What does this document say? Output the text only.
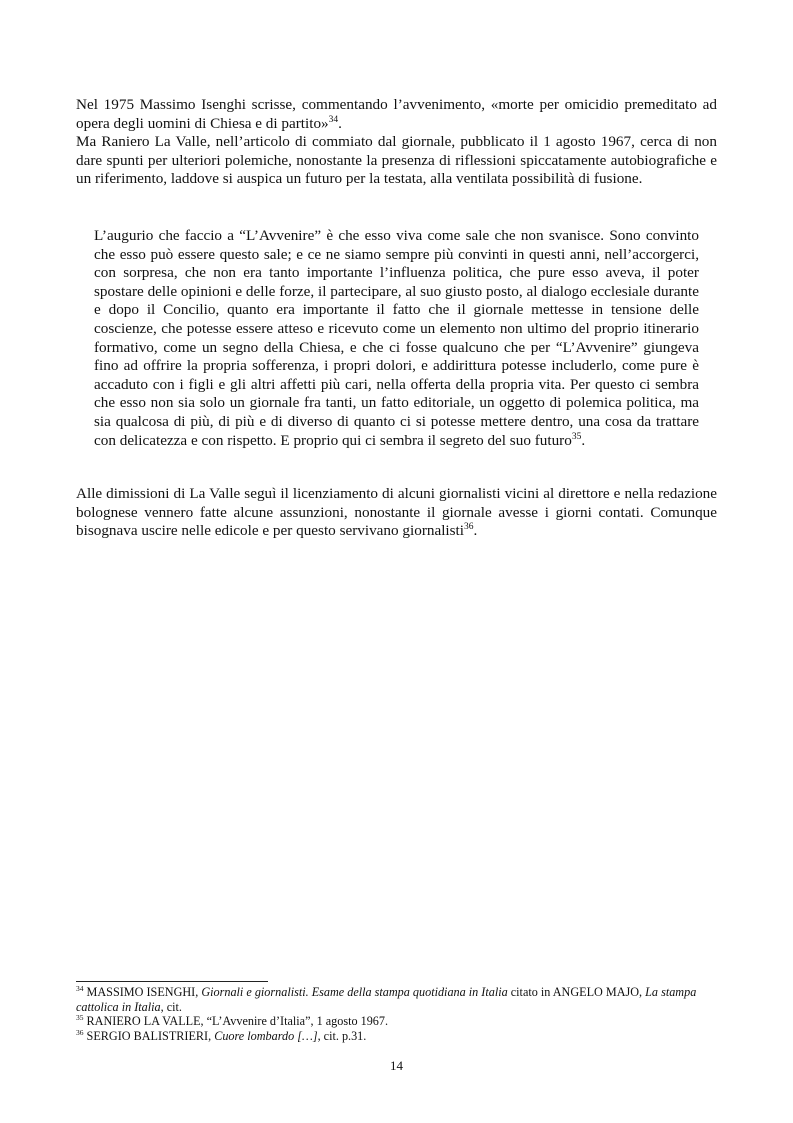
Nel 1975 Massimo Isenghi scrisse, commentando l’avvenimento, «morte per omicidio premeditato ad opera degli uomini di Chiesa e di partito»$^{34}$.

Ma Raniero La Valle, nell’articolo di commiato dal giornale, pubblicato il 1 agosto 1967, cerca di non dare spunti per ulteriori polemiche, nonostante la presenza di riflessioni spiccatamente autobiografiche e un riferimento, laddove si auspica un futuro per la testata, alla ventilata possibilità di fusione.

L’augurio che faccio a “L’Avvenire” è che esso viva come sale che non svanisce. Sono convinto che esso può essere questo sale; e ce ne siamo sempre più convinti in questi anni, nell’accorgerci, con sorpresa, che non era tanto importante l’influenza politica, che pure esso aveva, il poter spostare delle opinioni e delle forze, il partecipare, al suo giusto posto, al dialogo ecclesiale durante e dopo il Concilio, quanto era importante il fatto che il giornale mettesse in tensione delle coscienze, che potesse essere atteso e ricevuto come un elemento non ultimo del proprio itinerario formativo, come un segno della Chiesa, e che ci fosse qualcuno che per “L’Avvenire” giungeva fino ad offrire la propria sofferenza, i propri dolori, e addirittura potesse includerlo, come pure è accaduto con i figli e gli altri affetti più cari, nella offerta della propria vita. Per questo ci sembra che esso non sia solo un giornale fra tanti, un fatto editoriale, un oggetto di polemica politica, ma sia qualcosa di più, di più e di diverso di quanto ci si potesse mettere dentro, una cosa da trattare con delicatezza e con rispetto. E proprio qui ci sembra il segreto del suo futuro$^{35}$.

Alle dimissioni di La Valle seguì il licenziamento di alcuni giornalisti vicini al direttore e nella redazione bolognese vennero fatte alcune assunzioni, nonostante il giornale avesse i giorni contati. Comunque bisognava uscire nelle edicole e per questo servivano giornalisti$^{36}$.

$^{34}$ MASSIMO ISENGHI, Giornali e giornalisti. Esame della stampa quotidiana in Italia citato in ANGELO MAJO, La stampa cattolica in Italia, cit.

$^{35}$ RANIERO LA VALLE, “L’Avvenire d’Italia”, 1 agosto 1967.

$^{36}$ SERGIO BALISTRIERI, Cuore lombardo […], cit. p.31.

14
